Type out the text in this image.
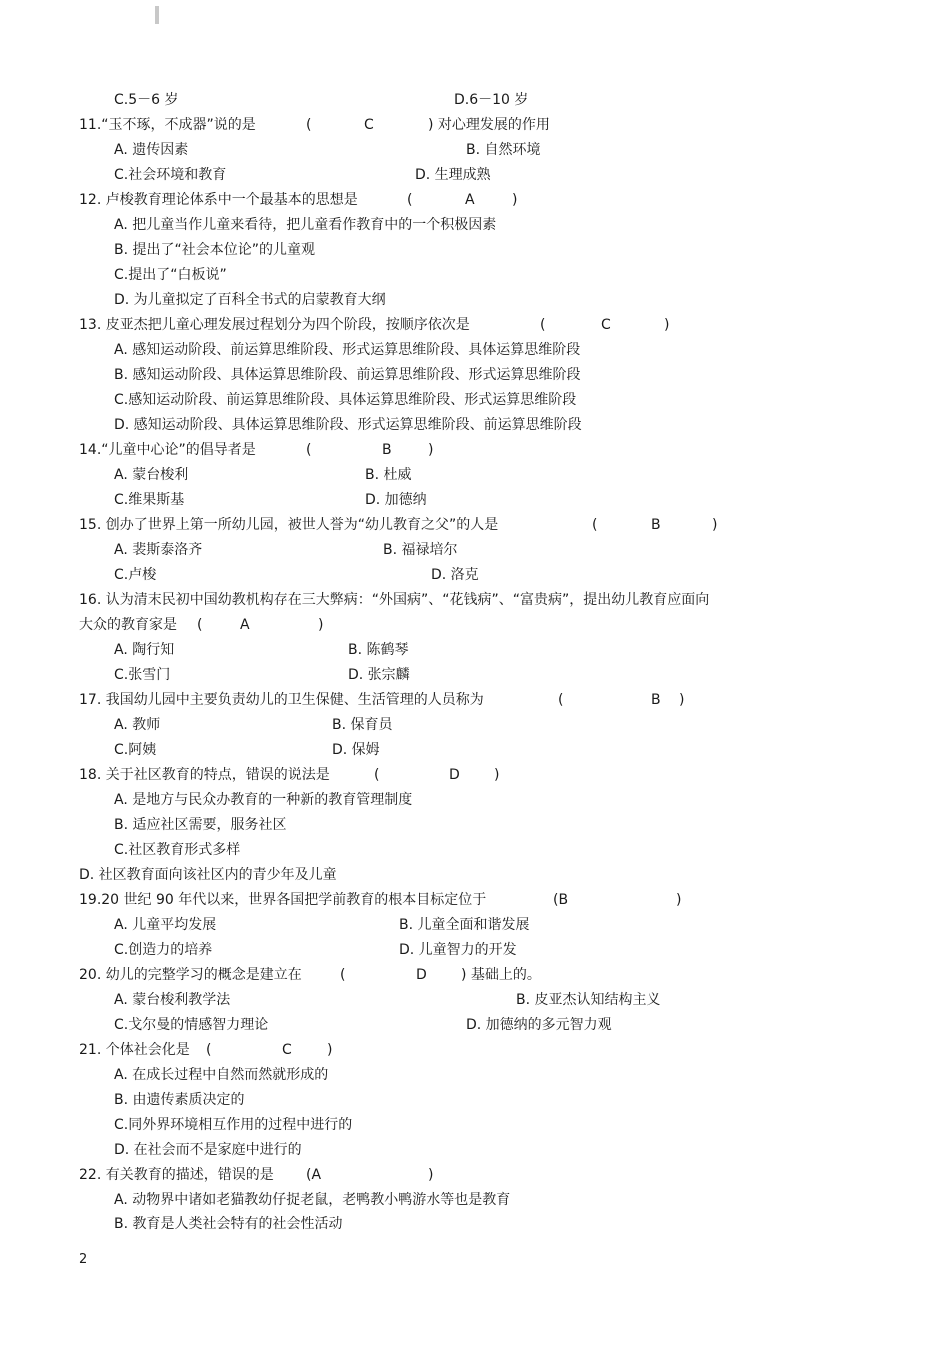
C.5－6 岁	D.6－10 岁
11.“玉不琢，不成器”说的是	(	C	) 对心理发展的作用
A. 遗传因素	B. 自然环境
C.社会环境和教育	D. 生理成熟
12. 卢梭教育理论体系中一个最基本的思想是	(	A	)
A. 把儿童当作儿童来看待，把儿童看作教育中的一个积极因素
B. 提出了“社会本位论”的儿童观
C.提出了“白板说”
D. 为儿童拟定了百科全书式的启蒙教育大纲
13. 皮亚杰把儿童心理发展过程划分为四个阶段，按顺序依次是	(	C	)
A. 感知运动阶段、前运算思维阶段、形式运算思维阶段、具体运算思维阶段
B. 感知运动阶段、具体运算思维阶段、前运算思维阶段、形式运算思维阶段
C.感知运动阶段、前运算思维阶段、具体运算思维阶段、形式运算思维阶段
D. 感知运动阶段、具体运算思维阶段、形式运算思维阶段、前运算思维阶段
14.“儿童中心论”的倡导者是	(	B	)
A. 蒙台梭利	B. 杜威
C.维果斯基	D. 加德纳
15. 创办了世界上第一所幼儿园，被世人誉为“幼儿教育之父”的人是	(	B	)
A. 裴斯泰洛齐	B. 福禄培尔
C.卢梭	D. 洛克
16. 认为清末民初中国幼教机构存在三大弊病：“外国病”、“花钱病”、“富贵病”，提出幼儿教育应面向
大众的教育家是 (	A	)
A. 陶行知	B. 陈鹤琴
C.张雪门	D. 张宗麟
17. 我国幼儿园中主要负责幼儿的卫生保健、生活管理的人员称为	(	B )
A. 教师	B. 保育员
C.阿姨	D. 保姆
18. 关于社区教育的特点，错误的说法是	(	D )
A. 是地方与民众办教育的一种新的教育管理制度
B. 适应社区需要，服务社区
C.社区教育形式多样
D. 社区教育面向该社区内的青少年及儿童
19.20 世纪 90 年代以来，世界各国把学前教育的根本目标定位于	(B	)
A. 儿童平均发展	B. 儿童全面和谐发展
C.创造力的培养	D. 儿童智力的开发
20. 幼儿的完整学习的概念是建立在	(	D ) 基础上的。
A. 蒙台梭利教学法	B. 皮亚杰认知结构主义
C.戈尔曼的情感智力理论	D. 加德纳的多元智力观
21. 个体社会化是 (	C	)
A. 在成长过程中自然而然就形成的
B. 由遗传素质决定的
C.同外界环境相互作用的过程中进行的
D. 在社会而不是家庭中进行的
22. 有关教育的描述，错误的是 (A	)
A. 动物界中诸如老猫教幼仔捉老鼠，老鸭教小鸭游水等也是教育
B. 教育是人类社会特有的社会性活动
2
